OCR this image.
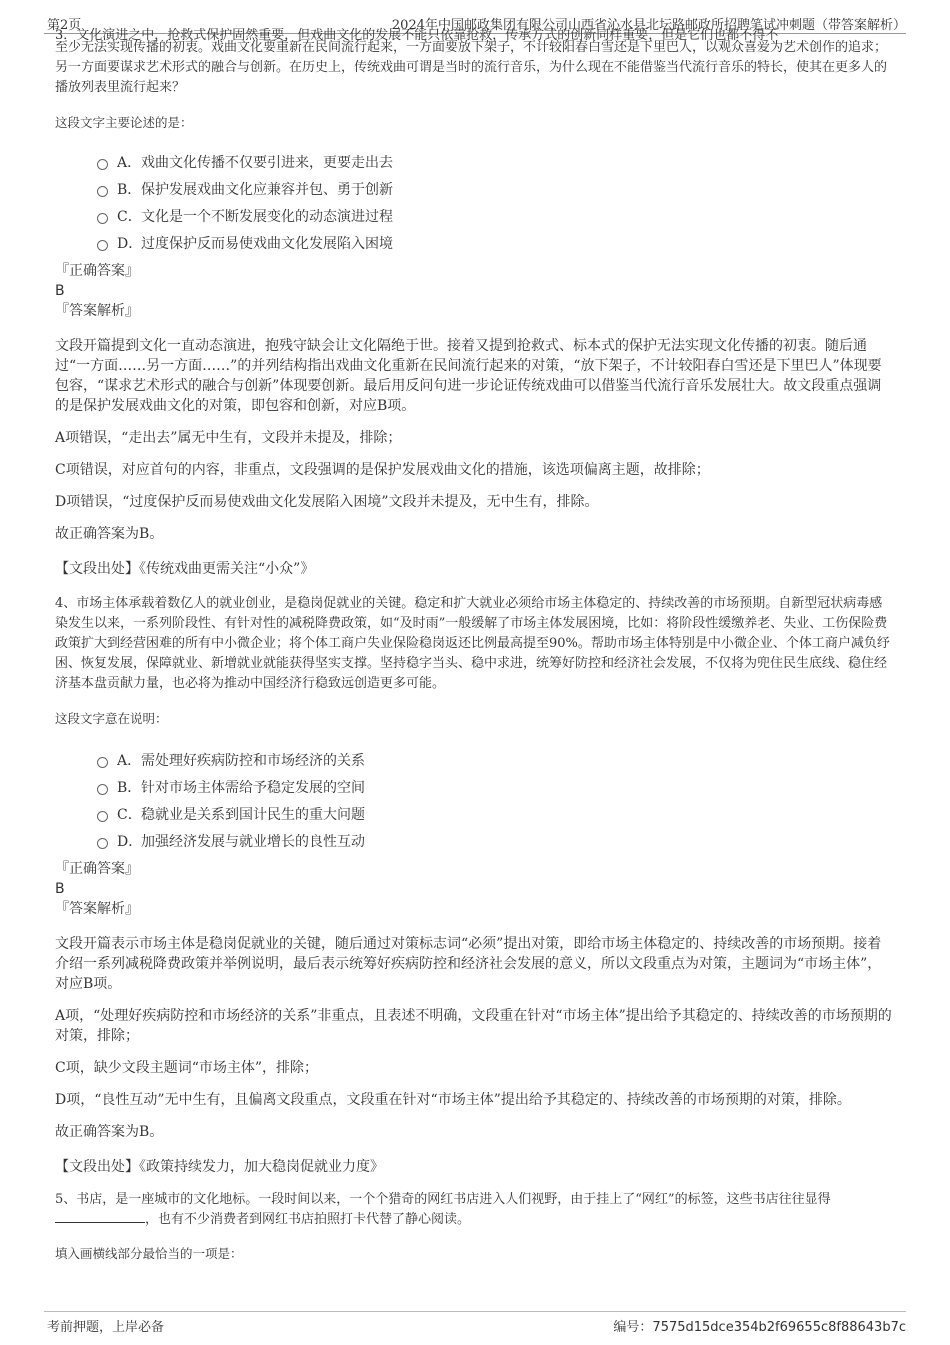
第2页	2024年中国邮政集团有限公司山西省沁水县北坛路邮政所招聘笔试冲刺题（带答案解析）

3．文化演进之中，抢救式保护固然重要，但戏曲文化的发展不能只依靠抢救，传承方式的创新同样重要，但是它们也都不得不

至少无法实现传播的初衷。戏曲文化要重新在民间流行起来，一方面要放下架子，不计较阳春白雪还是下里巴人，以观众喜爱为艺术创作的追求；另一方面要谋求艺术形式的融合与创新。在历史上，传统戏曲可谓是当时的流行音乐，为什么现在不能借鉴当代流行音乐的特长，使其在更多人的播放列表里流行起来？

这段文字主要论述的是：

A． 戏曲文化传播不仅要引进来，更要走出去
B． 保护发展戏曲文化应兼容并包、勇于创新
C． 文化是一个不断发展变化的动态演进过程
D．
过度保护反而易使戏曲文化发展陷入困境
『正确答案』
B
『答案解析』

文段开篇提到文化一直动态演进，抱残守缺会让文化隔绝于世。接着又提到抢救式、标本式的保护无法实现文化传播的初衷。随后通过“一方面……另一方面……”的并列结构指出戏曲文化重新在民间流行起来的对策，“放下架子，不计较阳春白雪还是下里巴人”体现要包容，“谋求艺术形式的融合与创新”体现要创新。最后用反问句进一步论证传统戏曲可以借鉴当代流行音乐发展壮大。故文段重点强调的是保护发展戏曲文化的对策，即包容和创新，对应B项。

A项错误，“走出去”属无中生有，文段并未提及，排除；

C项错误，对应首句的内容，非重点，文段强调的是保护发展戏曲文化的措施，该选项偏离主题，故排除；

D项错误，“过度保护反而易使戏曲文化发展陷入困境”文段并未提及，无中生有，排除。

故正确答案为B。

【文段出处】《传统戏曲更需关注“小众”》

4、市场主体承载着数亿人的就业创业，是稳岗促就业的关键。稳定和扩大就业必须给市场主体稳定的、持续改善的市场预期。自新型冠状病毒感染发生以来，一系列阶段性、有针对性的减税降费政策，如“及时雨”一般缓解了市场主体发展困境，比如：将阶段性缓缴养老、失业、工伤保险费政策扩大到经营困难的所有中小微企业；将个体工商户失业保险稳岗返还比例最高提至90%。帮助市场主体特别是中小微企业、个体工商户减负纾困、恢复发展，保障就业、新增就业就能获得坚实支撑。坚持稳字当头、稳中求进，统筹好防控和经济社会发展，不仅将为兜住民生底线、稳住经济基本盘贡献力量，也必将为推动中国经济行稳致远创造更多可能。

这段文字意在说明：

A． 需处理好疾病防控和市场经济的关系
B． 针对市场主体需给予稳定发展的空间
C． 稳就业是关系到国计民生的重大问题
D．
加强经济发展与就业增长的良性互动
『正确答案』
B
『答案解析』

文段开篇表示市场主体是稳岗促就业的关键，随后通过对策标志词“必须”提出对策，即给市场主体稳定的、持续改善的市场预期。接着介绍一系列减税降费政策并举例说明，最后表示统筹好疾病防控和经济社会发展的意义，所以文段重点为对策，主题词为“市场主体”，对应B项。

A项，“处理好疾病防控和市场经济的关系”非重点，且表述不明确，文段重在针对“市场主体”提出给予其稳定的、持续改善的市场预期的对策，排除；

C项，缺少文段主题词“市场主体”，排除；

D项，“良性互动”无中生有，且偏离文段重点，文段重在针对“市场主体”提出给予其稳定的、持续改善的市场预期的对策，排除。

故正确答案为B。

【文段出处】《政策持续发力，加大稳岗促就业力度》

5、书店，是一座城市的文化地标。一段时间以来，一个个猎奇的网红书店进入人们视野，由于挂上了“网红”的标签，这些书店往往显得，也有不少消费者到网红书店拍照打卡代替了静心阅读。

填入画横线部分最恰当的一项是：

考前押题，上岸必备	编号：7575d15dce354b2f69655c8f88643b7c
